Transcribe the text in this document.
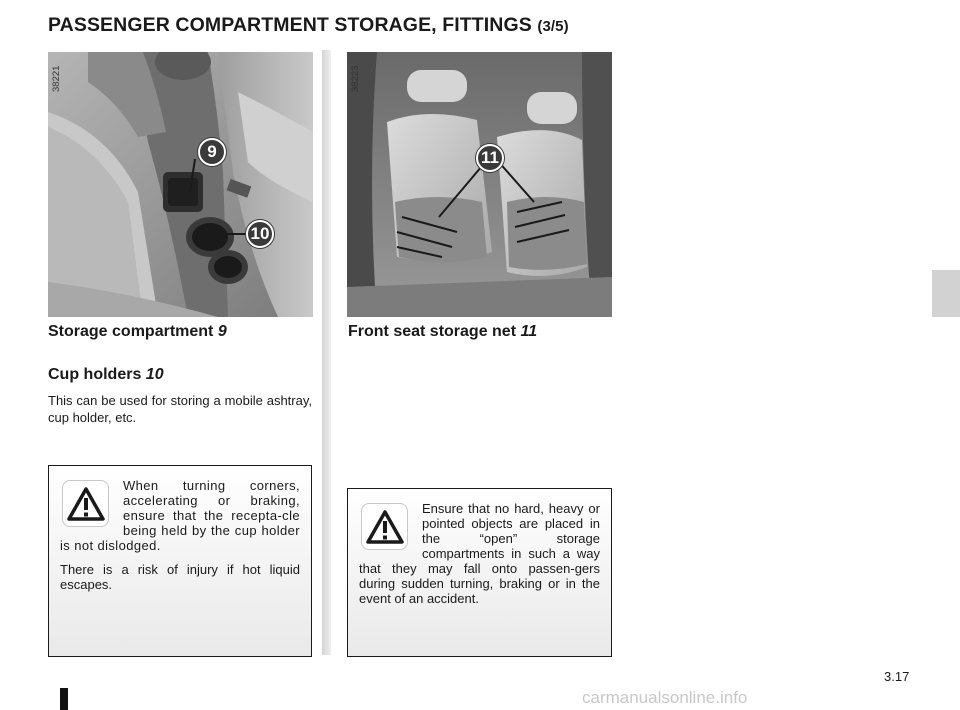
PASSENGER COMPARTMENT STORAGE, FITTINGS (3/5)
38221
9
10
38223
11
Storage compartment 9
Cup holders 10
This can be used for storing a mobile ashtray, cup holder, etc.
Front seat storage net 11

When turning corners, accelerating or braking, ensure that the recepta-cle being held by the cup holder is not dislodged.

There is a risk of injury if hot liquid escapes.

Ensure that no hard, heavy or pointed objects are placed in the “open” storage compartments in such a way that they may fall onto passen-gers during sudden turning, braking or in the event of an accident.

3.17
carmanualsonline.info
